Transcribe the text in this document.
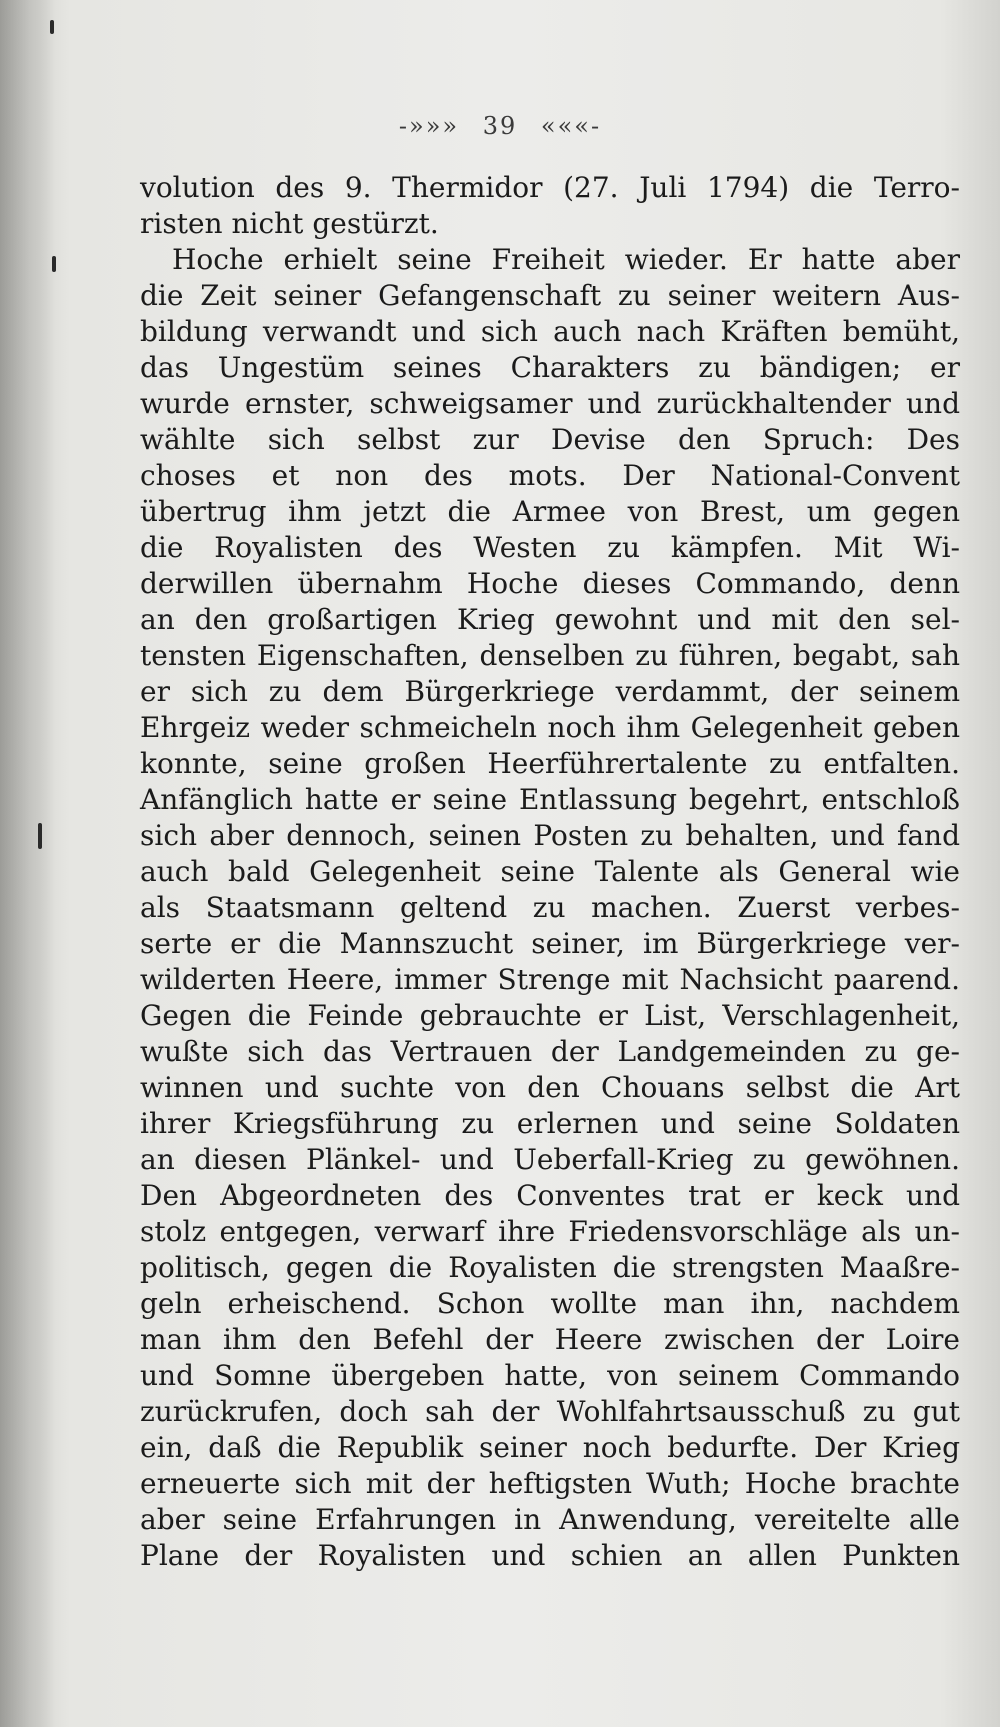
-»»» 39 «««-
volution des 9. Thermidor (27. Juli 1794) die Terro-
risten nicht gestürzt.
Hoche erhielt seine Freiheit wieder. Er hatte aber
die Zeit seiner Gefangenschaft zu seiner weitern Aus-
bildung verwandt und sich auch nach Kräften bemüht,
das Ungestüm seines Charakters zu bändigen; er
wurde ernster, schweigsamer und zurückhaltender und
wählte sich selbst zur Devise den Spruch: Des
choses et non des mots. Der National-Convent
übertrug ihm jetzt die Armee von Brest, um gegen
die Royalisten des Westen zu kämpfen. Mit Wi-
derwillen übernahm Hoche dieses Commando, denn
an den großartigen Krieg gewohnt und mit den sel-
tensten Eigenschaften, denselben zu führen, begabt, sah
er sich zu dem Bürgerkriege verdammt, der seinem
Ehrgeiz weder schmeicheln noch ihm Gelegenheit geben
konnte, seine großen Heerführertalente zu entfalten.
Anfänglich hatte er seine Entlassung begehrt, entschloß
sich aber dennoch, seinen Posten zu behalten, und fand
auch bald Gelegenheit seine Talente als General wie
als Staatsmann geltend zu machen. Zuerst verbes-
serte er die Mannszucht seiner, im Bürgerkriege ver-
wilderten Heere, immer Strenge mit Nachsicht paarend.
Gegen die Feinde gebrauchte er List, Verschlagenheit,
wußte sich das Vertrauen der Landgemeinden zu ge-
winnen und suchte von den Chouans selbst die Art
ihrer Kriegsführung zu erlernen und seine Soldaten
an diesen Plänkel- und Ueberfall-Krieg zu gewöhnen.
Den Abgeordneten des Conventes trat er keck und
stolz entgegen, verwarf ihre Friedensvorschläge als un-
politisch, gegen die Royalisten die strengsten Maaßre-
geln erheischend. Schon wollte man ihn, nachdem
man ihm den Befehl der Heere zwischen der Loire
und Somne übergeben hatte, von seinem Commando
zurückrufen, doch sah der Wohlfahrtsausschuß zu gut
ein, daß die Republik seiner noch bedurfte. Der Krieg
erneuerte sich mit der heftigsten Wuth; Hoche brachte
aber seine Erfahrungen in Anwendung, vereitelte alle
Plane der Royalisten und schien an allen Punkten
